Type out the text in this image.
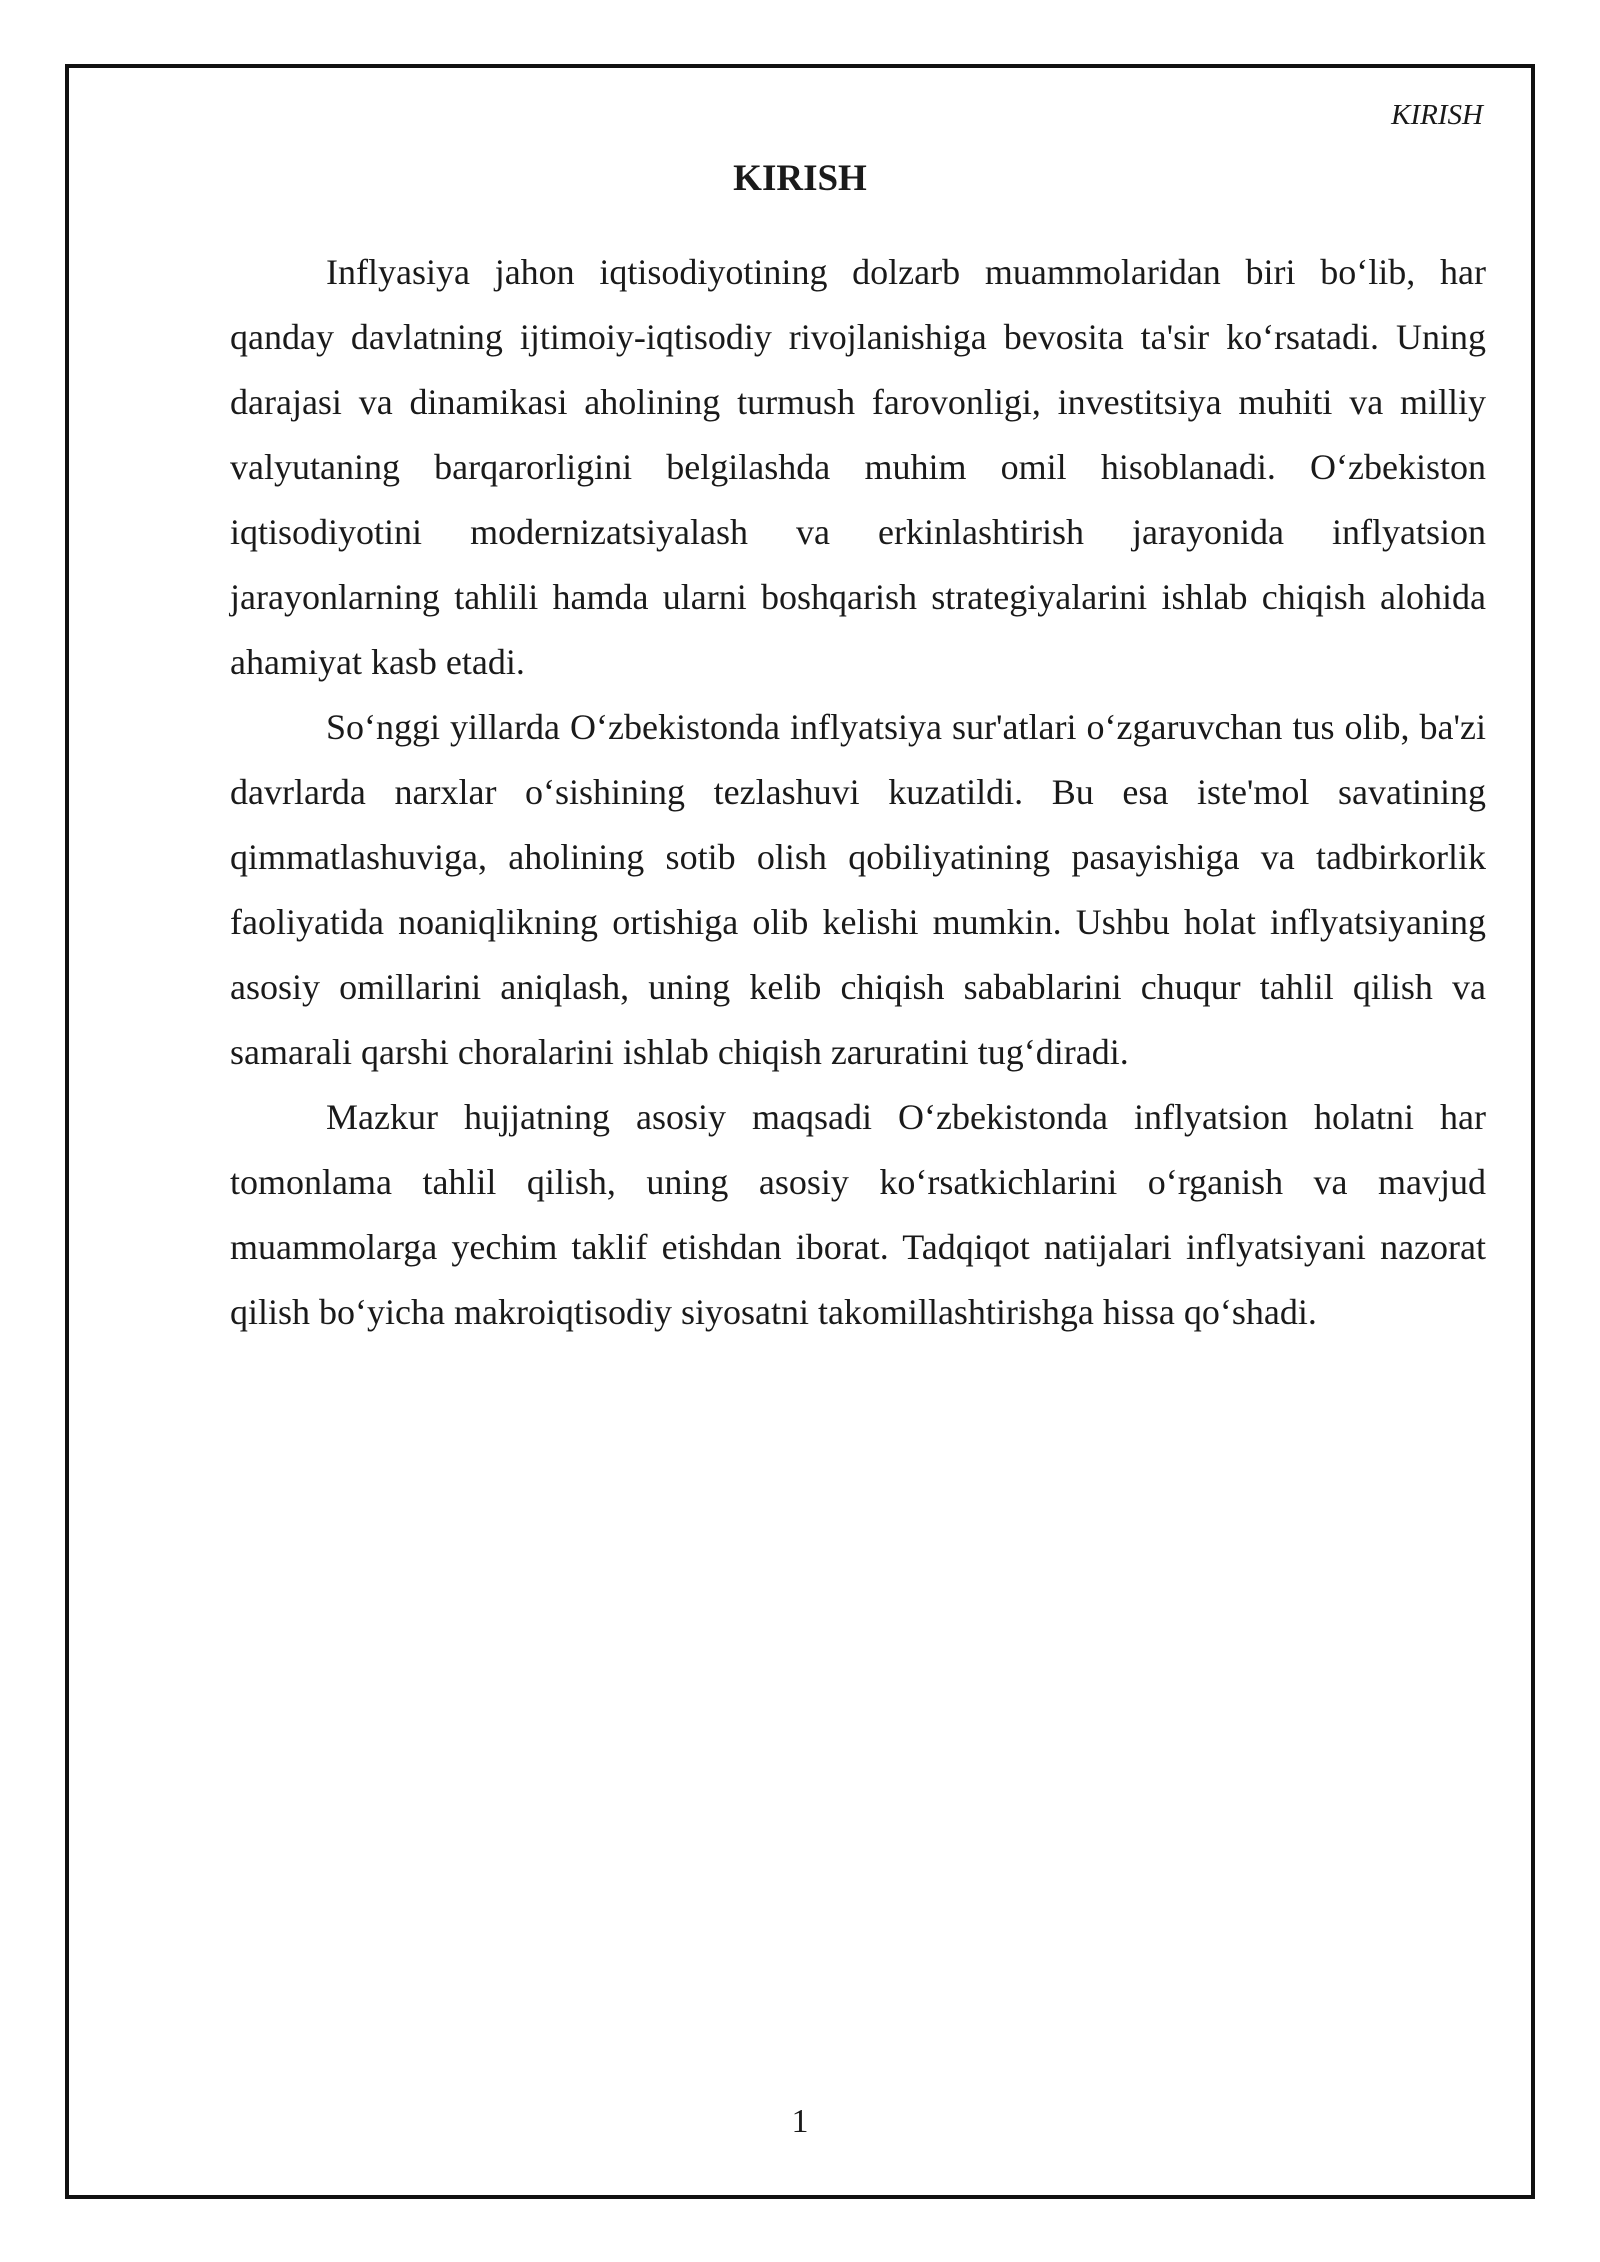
KIRISH
KIRISH

Inflyasiya jahon iqtisodiyotining dolzarb muammolaridan biri bo‘lib, har qanday davlatning ijtimoiy-iqtisodiy rivojlanishiga bevosita ta'sir ko‘rsatadi. Uning darajasi va dinamikasi aholining turmush farovonligi, investitsiya muhiti va milliy valyutaning barqarorligini belgilashda muhim omil hisoblanadi. O‘zbekiston iqtisodiyotini modernizatsiyalash va erkinlashtirish jarayonida inflyatsion jarayonlarning tahlili hamda ularni boshqarish strategiyalarini ishlab chiqish alohida ahamiyat kasb etadi.

So‘nggi yillarda O‘zbekistonda inflyatsiya sur'atlari o‘zgaruvchan tus olib, ba'zi davrlarda narxlar o‘sishining tezlashuvi kuzatildi. Bu esa iste'mol savatining qimmatlashuviga, aholining sotib olish qobiliyatining pasayishiga va tadbirkorlik faoliyatida noaniqlikning ortishiga olib kelishi mumkin. Ushbu holat inflyatsiyaning asosiy omillarini aniqlash, uning kelib chiqish sabablarini chuqur tahlil qilish va samarali qarshi choralarini ishlab chiqish zaruratini tug‘diradi.

Mazkur hujjatning asosiy maqsadi O‘zbekistonda inflyatsion holatni har tomonlama tahlil qilish, uning asosiy ko‘rsatkichlarini o‘rganish va mavjud muammolarga yechim taklif etishdan iborat. Tadqiqot natijalari inflyatsiyani nazorat qilish bo‘yicha makroiqtisodiy siyosatni takomillashtirishga hissa qo‘shadi.

1
